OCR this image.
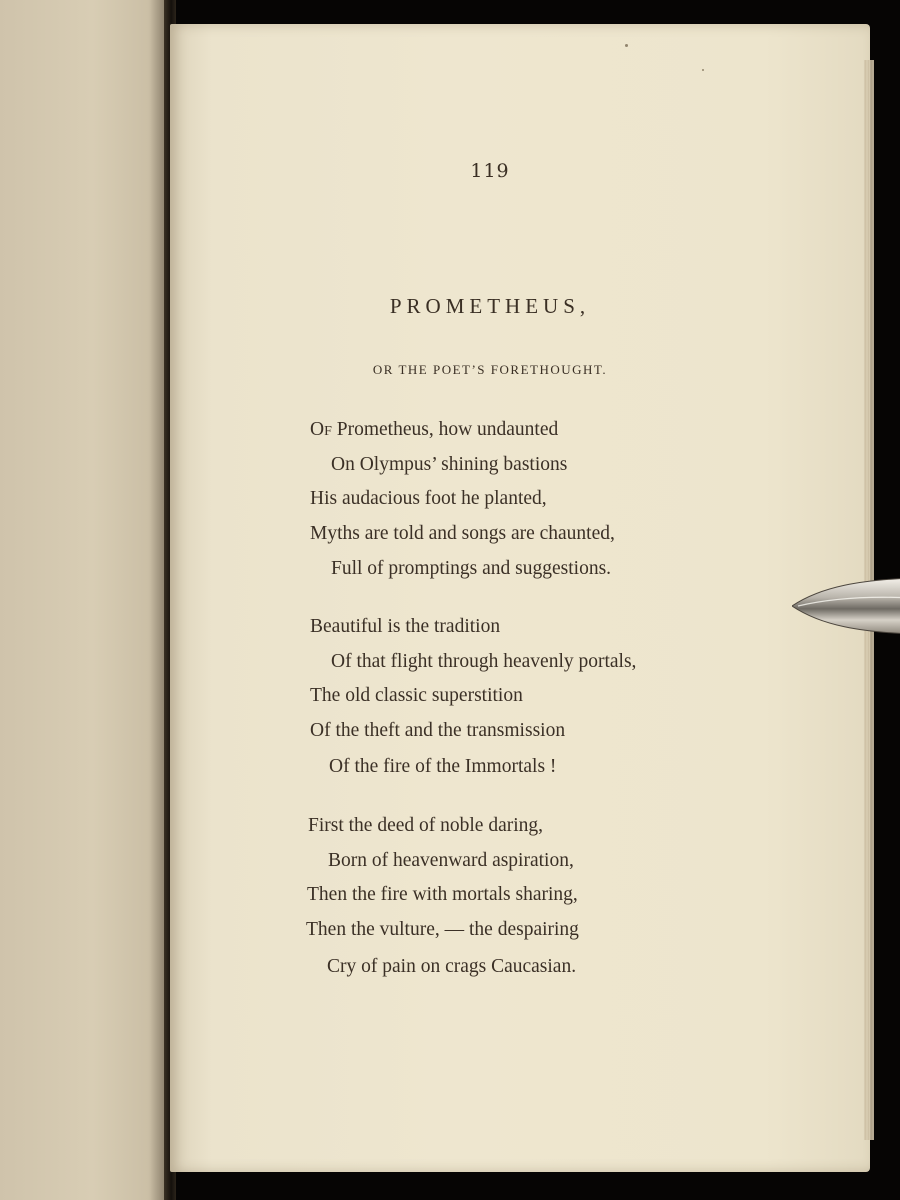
119
PROMETHEUS,
OR THE POET’S FORETHOUGHT.
Of Prometheus, how undaunted
On Olympus’ shining bastions
His audacious foot he planted,
Myths are told and songs are chaunted,
Full of promptings and suggestions.
Beautiful is the tradition
Of that flight through heavenly portals,
The old classic superstition
Of the theft and the transmission
Of the fire of the Immortals !
First the deed of noble daring,
Born of heavenward aspiration,
Then the fire with mortals sharing,
Then the vulture, — the despairing
Cry of pain on crags Caucasian.
